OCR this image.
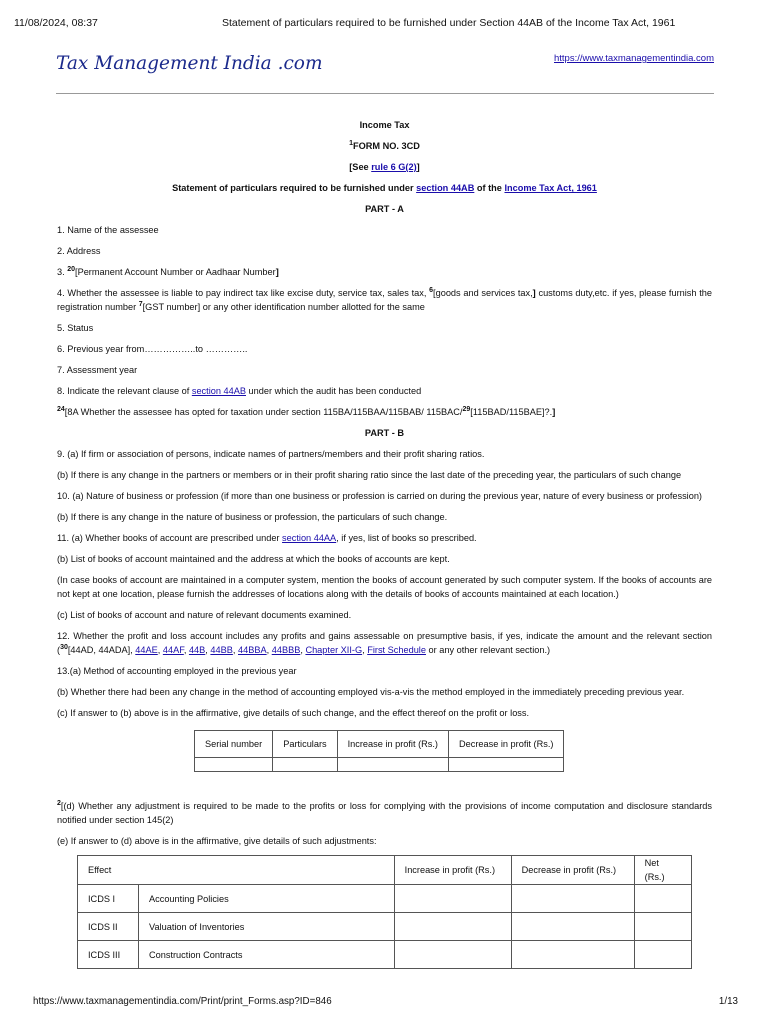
11/08/2024, 08:37	Statement of particulars required to be furnished under Section 44AB of the Income Tax Act, 1961
Tax Management India .com	https://www.taxmanagementindia.com
Income Tax
$^1$FORM NO. 3CD
[See rule 6 G(2)]
Statement of particulars required to be furnished under section 44AB of the Income Tax Act, 1961
PART - A
1. Name of the assessee
2. Address
3. $^{20}$[Permanent Account Number or Aadhaar Number]
4. Whether the assessee is liable to pay indirect tax like excise duty, service tax, sales tax, $^6$[goods and services tax,] customs duty,etc. if yes, please furnish the registration number $^7$[GST number] or any other identification number allotted for the same
5. Status
6. Previous year from……………..to …………..
7. Assessment year
8. Indicate the relevant clause of section 44AB under which the audit has been conducted
$^{24}$[8A Whether the assessee has opted for taxation under section 115BA/115BAA/115BAB/ 115BAC/$^{29}$[115BAD/115BAE]?.]
PART - B
9. (a) If firm or association of persons, indicate names of partners/members and their profit sharing ratios.
(b) If there is any change in the partners or members or in their profit sharing ratio since the last date of the preceding year, the particulars of such change
10. (a) Nature of business or profession (if more than one business or profession is carried on during the previous year, nature of every business or profession)
(b) If there is any change in the nature of business or profession, the particulars of such change.
11. (a) Whether books of account are prescribed under section 44AA, if yes, list of books so prescribed.
(b) List of books of account maintained and the address at which the books of accounts are kept.
(In case books of account are maintained in a computer system, mention the books of account generated by such computer system. If the books of accounts are not kept at one location, please furnish the addresses of locations along with the details of books of accounts maintained at each location.)
(c) List of books of account and nature of relevant documents examined.
12. Whether the profit and loss account includes any profits and gains assessable on presumptive basis, if yes, indicate the amount and the relevant section ($^{30}$[44AD, 44ADA], 44AE, 44AF, 44B, 44BB, 44BBA, 44BBB, Chapter XII-G, First Schedule or any other relevant section.)
13.(a) Method of accounting employed in the previous year
(b) Whether there had been any change in the method of accounting employed vis-a-vis the method employed in the immediately preceding previous year.
(c) If answer to (b) above is in the affirmative, give details of such change, and the effect thereof on the profit or loss.
Serial number	Particulars	Increase in profit (Rs.)	Decrease in profit (Rs.)

$^2$[(d) Whether any adjustment is required to be made to the profits or loss for complying with the provisions of income computation and disclosure standards notified under section 145(2)
(e) If answer to (d) above is in the affirmative, give details of such adjustments:
Effect		Increase in profit (Rs.)	Decrease in profit (Rs.)	Net (Rs.)
ICDS I	Accounting Policies			
ICDS II	Valuation of Inventories			
ICDS III	Construction Contracts			
https://www.taxmanagementindia.com/Print/print_Forms.asp?ID=846	1/13
